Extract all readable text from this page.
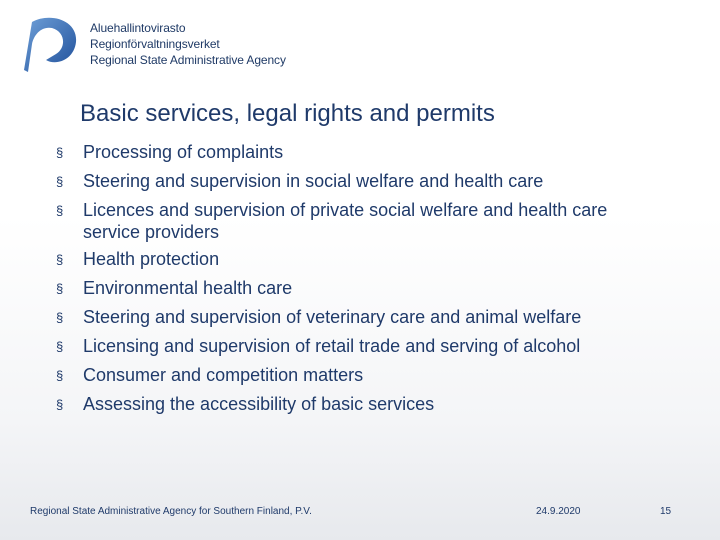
Aluehallintovirasto
Regionförvaltningsverket
Regional State Administrative Agency
Basic services, legal rights and permits
§	Processing of complaints
§	Steering and supervision in social welfare and health care
§	Licences and supervision of private social welfare and health care
service providers
§	Health protection
§	Environmental health care
§	Steering and supervision of veterinary care and animal welfare
§	Licensing and supervision of retail trade and serving of alcohol
§	Consumer and competition matters
§	Assessing the accessibility of basic services
Regional State Administrative Agency for Southern Finland, P.V.	24.9.2020	15
